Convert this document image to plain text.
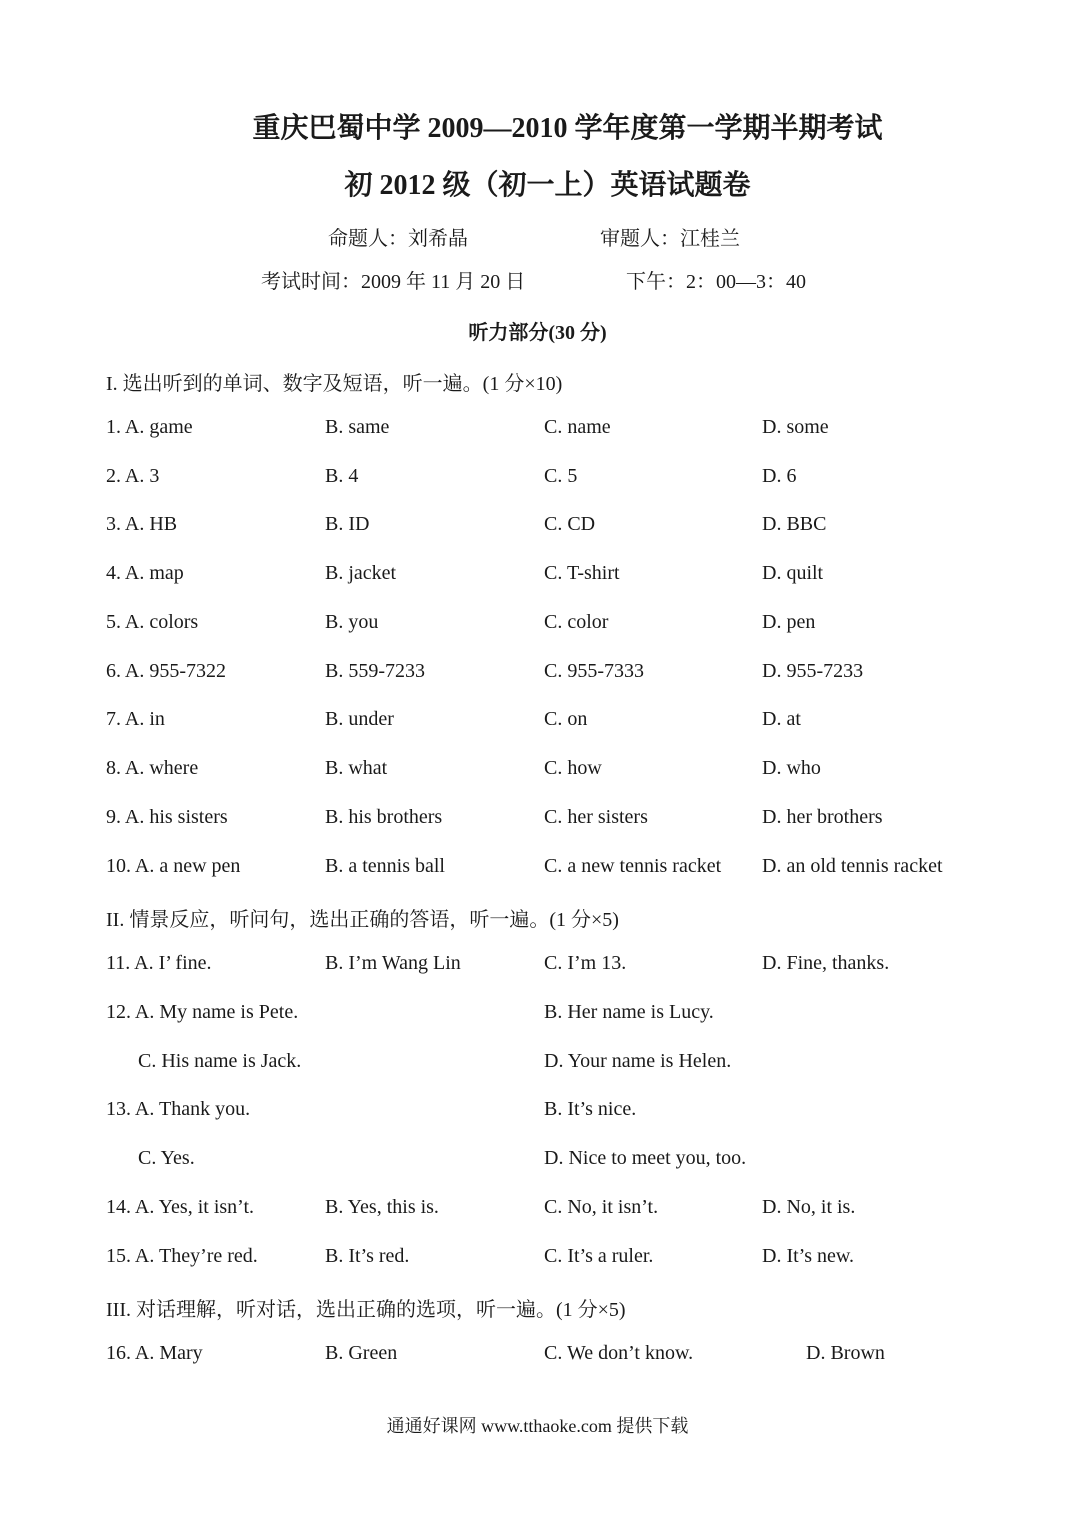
重庆巴蜀中学 2009—2010 学年度第一学期半期考试
初 2012 级（初一上）英语试题卷
命题人：刘希晶	审题人：江桂兰
考试时间：2009 年 11 月 20 日	下午：2：00—3：40
听力部分(30 分)
I. 选出听到的单词、数字及短语，听一遍。(1 分×10)
1. A. game	B. same	C. name	D. some
2. A. 3	B. 4	C. 5	D. 6
3. A. HB	B. ID	C. CD	D. BBC
4. A. map	B. jacket	C. T-shirt	D. quilt
5. A. colors	B. you	C. color	D. pen
6. A. 955-7322	B. 559-7233	C. 955-7333	D. 955-7233
7. A. in	B. under	C. on	D. at
8. A. where	B. what	C. how	D. who
9. A. his sisters	B. his brothers	C. her sisters	D. her brothers
10. A. a new pen	B. a tennis ball	C. a new tennis racket D. an old tennis racket
II. 情景反应，听问句，选出正确的答语，听一遍。(1 分×5)
11. A. I’ fine.	B. I’m Wang Lin	C. I’m 13.	D. Fine, thanks.
12. A. My name is Pete.	B. Her name is Lucy.
C. His name is Jack.	D. Your name is Helen.
13. A. Thank you.	B. It’s nice.
C. Yes.	D. Nice to meet you, too.
14. A. Yes, it isn’t.	B. Yes, this is.	C. No, it isn’t.	D. No, it is.
15. A. They’re red.	B. It’s red.	C. It’s a ruler.	D. It’s new.
III. 对话理解，听对话，选出正确的选项，听一遍。(1 分×5)
16. A. Mary	B. Green	C. We don’t know.	D. Brown
通通好课网 www.tthaoke.com 提供下载
